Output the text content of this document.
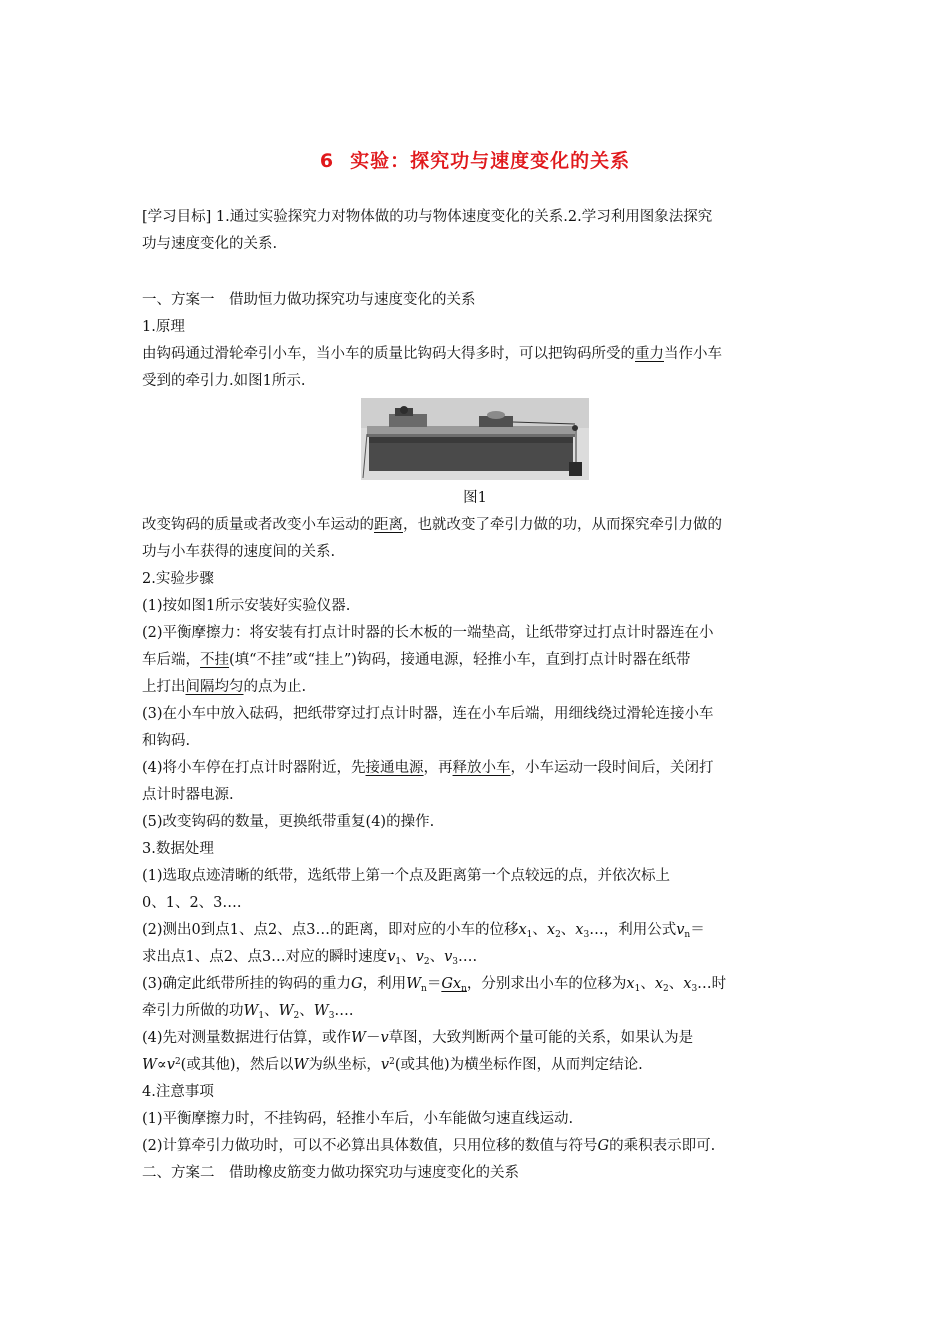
6 实验：探究功与速度变化的关系
[学习目标] 1.通过实验探究力对物体做的功与物体速度变化的关系.2.学习利用图象法探究
功与速度变化的关系.
一、方案一　借助恒力做功探究功与速度变化的关系
1.原理
由钩码通过滑轮牵引小车，当小车的质量比钩码大得多时，可以把钩码所受的重力当作小车
受到的牵引力.如图1所示.
图1
改变钩码的质量或者改变小车运动的距离，也就改变了牵引力做的功，从而探究牵引力做的
功与小车获得的速度间的关系.
2.实验步骤
(1)按如图1所示安装好实验仪器.
(2)平衡摩擦力：将安装有打点计时器的长木板的一端垫高，让纸带穿过打点计时器连在小
车后端，不挂(填“不挂”或“挂上”)钩码，接通电源，轻推小车，直到打点计时器在纸带
上打出间隔均匀的点为止.
(3)在小车中放入砝码，把纸带穿过打点计时器，连在小车后端，用细线绕过滑轮连接小车
和钩码.
(4)将小车停在打点计时器附近，先接通电源，再释放小车，小车运动一段时间后，关闭打
点计时器电源.
(5)改变钩码的数量，更换纸带重复(4)的操作.
3.数据处理
(1)选取点迹清晰的纸带，选纸带上第一个点及距离第一个点较远的点，并依次标上
0、1、2、3….
(2)测出0到点1、点2、点3…的距离，即对应的小车的位移$x_1$、$x_2$、$x_3\dots$，利用公式$v_n=$
求出点1、点2、点3…对应的瞬时速度$v_1$、$v_2$、$v_3\dots$.
(3)确定此纸带所挂的钩码的重力G，利用$W_n=Gx_n$，分别求出小车的位移为$x_1$、$x_2$、$x_3\dots$时
牵引力所做的功$W_1$、$W_2$、$W_3\dots$.
(4)先对测量数据进行估算，或作W－v草图，大致判断两个量可能的关系，如果认为是
$W\propto v^2$(或其他)，然后以W为纵坐标，$v^2$(或其他)为横坐标作图，从而判定结论.
4.注意事项
(1)平衡摩擦力时，不挂钩码，轻推小车后，小车能做匀速直线运动.
(2)计算牵引力做功时，可以不必算出具体数值，只用位移的数值与符号G的乘积表示即可.
二、方案二　借助橡皮筋变力做功探究功与速度变化的关系
